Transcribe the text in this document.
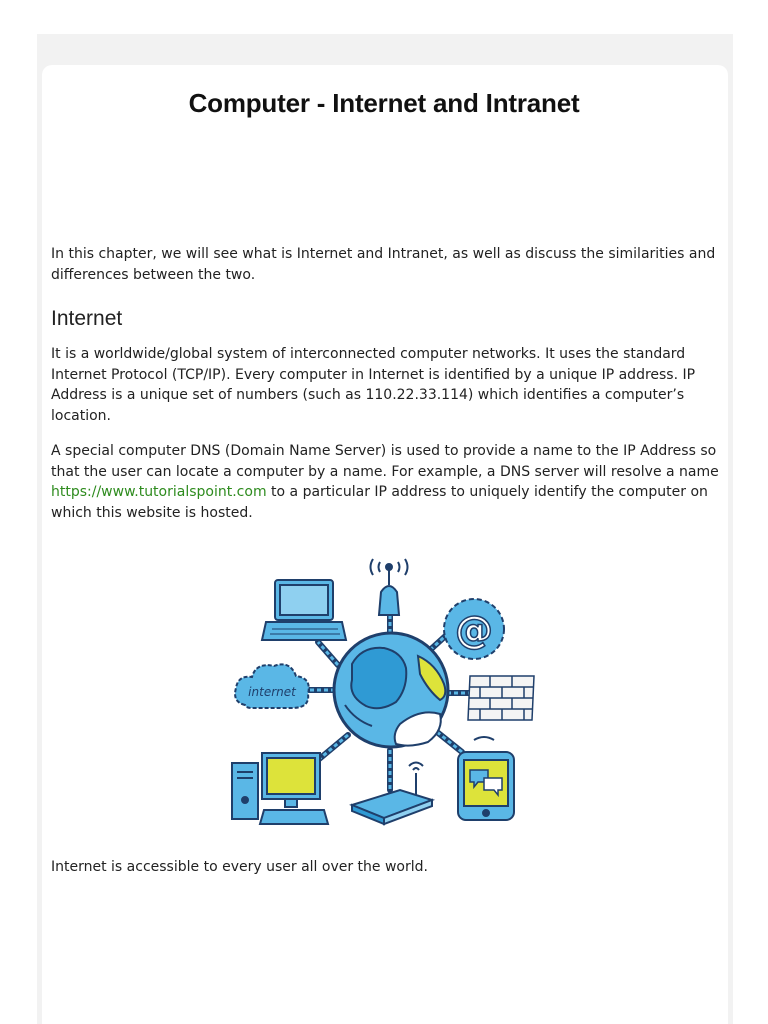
Computer - Internet and Intranet

In this chapter, we will see what is Internet and Intranet, as well as discuss the similarities and differences between the two.

Internet

It is a worldwide/global system of interconnected computer networks. It uses the standard Internet Protocol (TCP/IP). Every computer in Internet is identified by a unique IP address. IP Address is a unique set of numbers (such as 110.22.33.114) which identifies a computer’s location.

A special computer DNS (Domain Name Server) is used to provide a name to the IP Address so that the user can locate a computer by a name. For example, a DNS server will resolve a name https://www.tutorialspoint.com to a particular IP address to uniquely identify the computer on which this website is hosted.

@
internet

Internet is accessible to every user all over the world.
